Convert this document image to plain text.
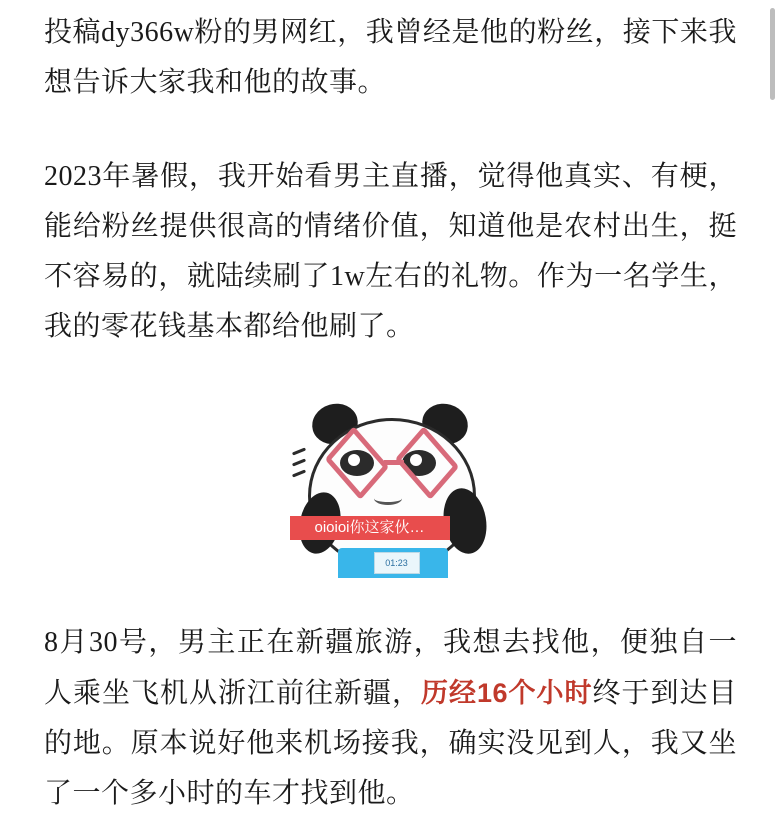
投稿dy366w粉的男网红，我曾经是他的粉丝，接下来我想告诉大家我和他的故事。

2023年暑假，我开始看男主直播，觉得他真实、有梗，能给粉丝提供很高的情绪价值，知道他是农村出生，挺不容易的，就陆续刷了1w左右的礼物。作为一名学生，我的零花钱基本都给他刷了。

01:23
oioioi你这家伙…

8月30号，男主正在新疆旅游，我想去找他，便独自一人乘坐飞机从浙江前往新疆，历经16个小时终于到达目的地。原本说好他来机场接我，确实没见到人，我又坐了一个多小时的车才找到他。
